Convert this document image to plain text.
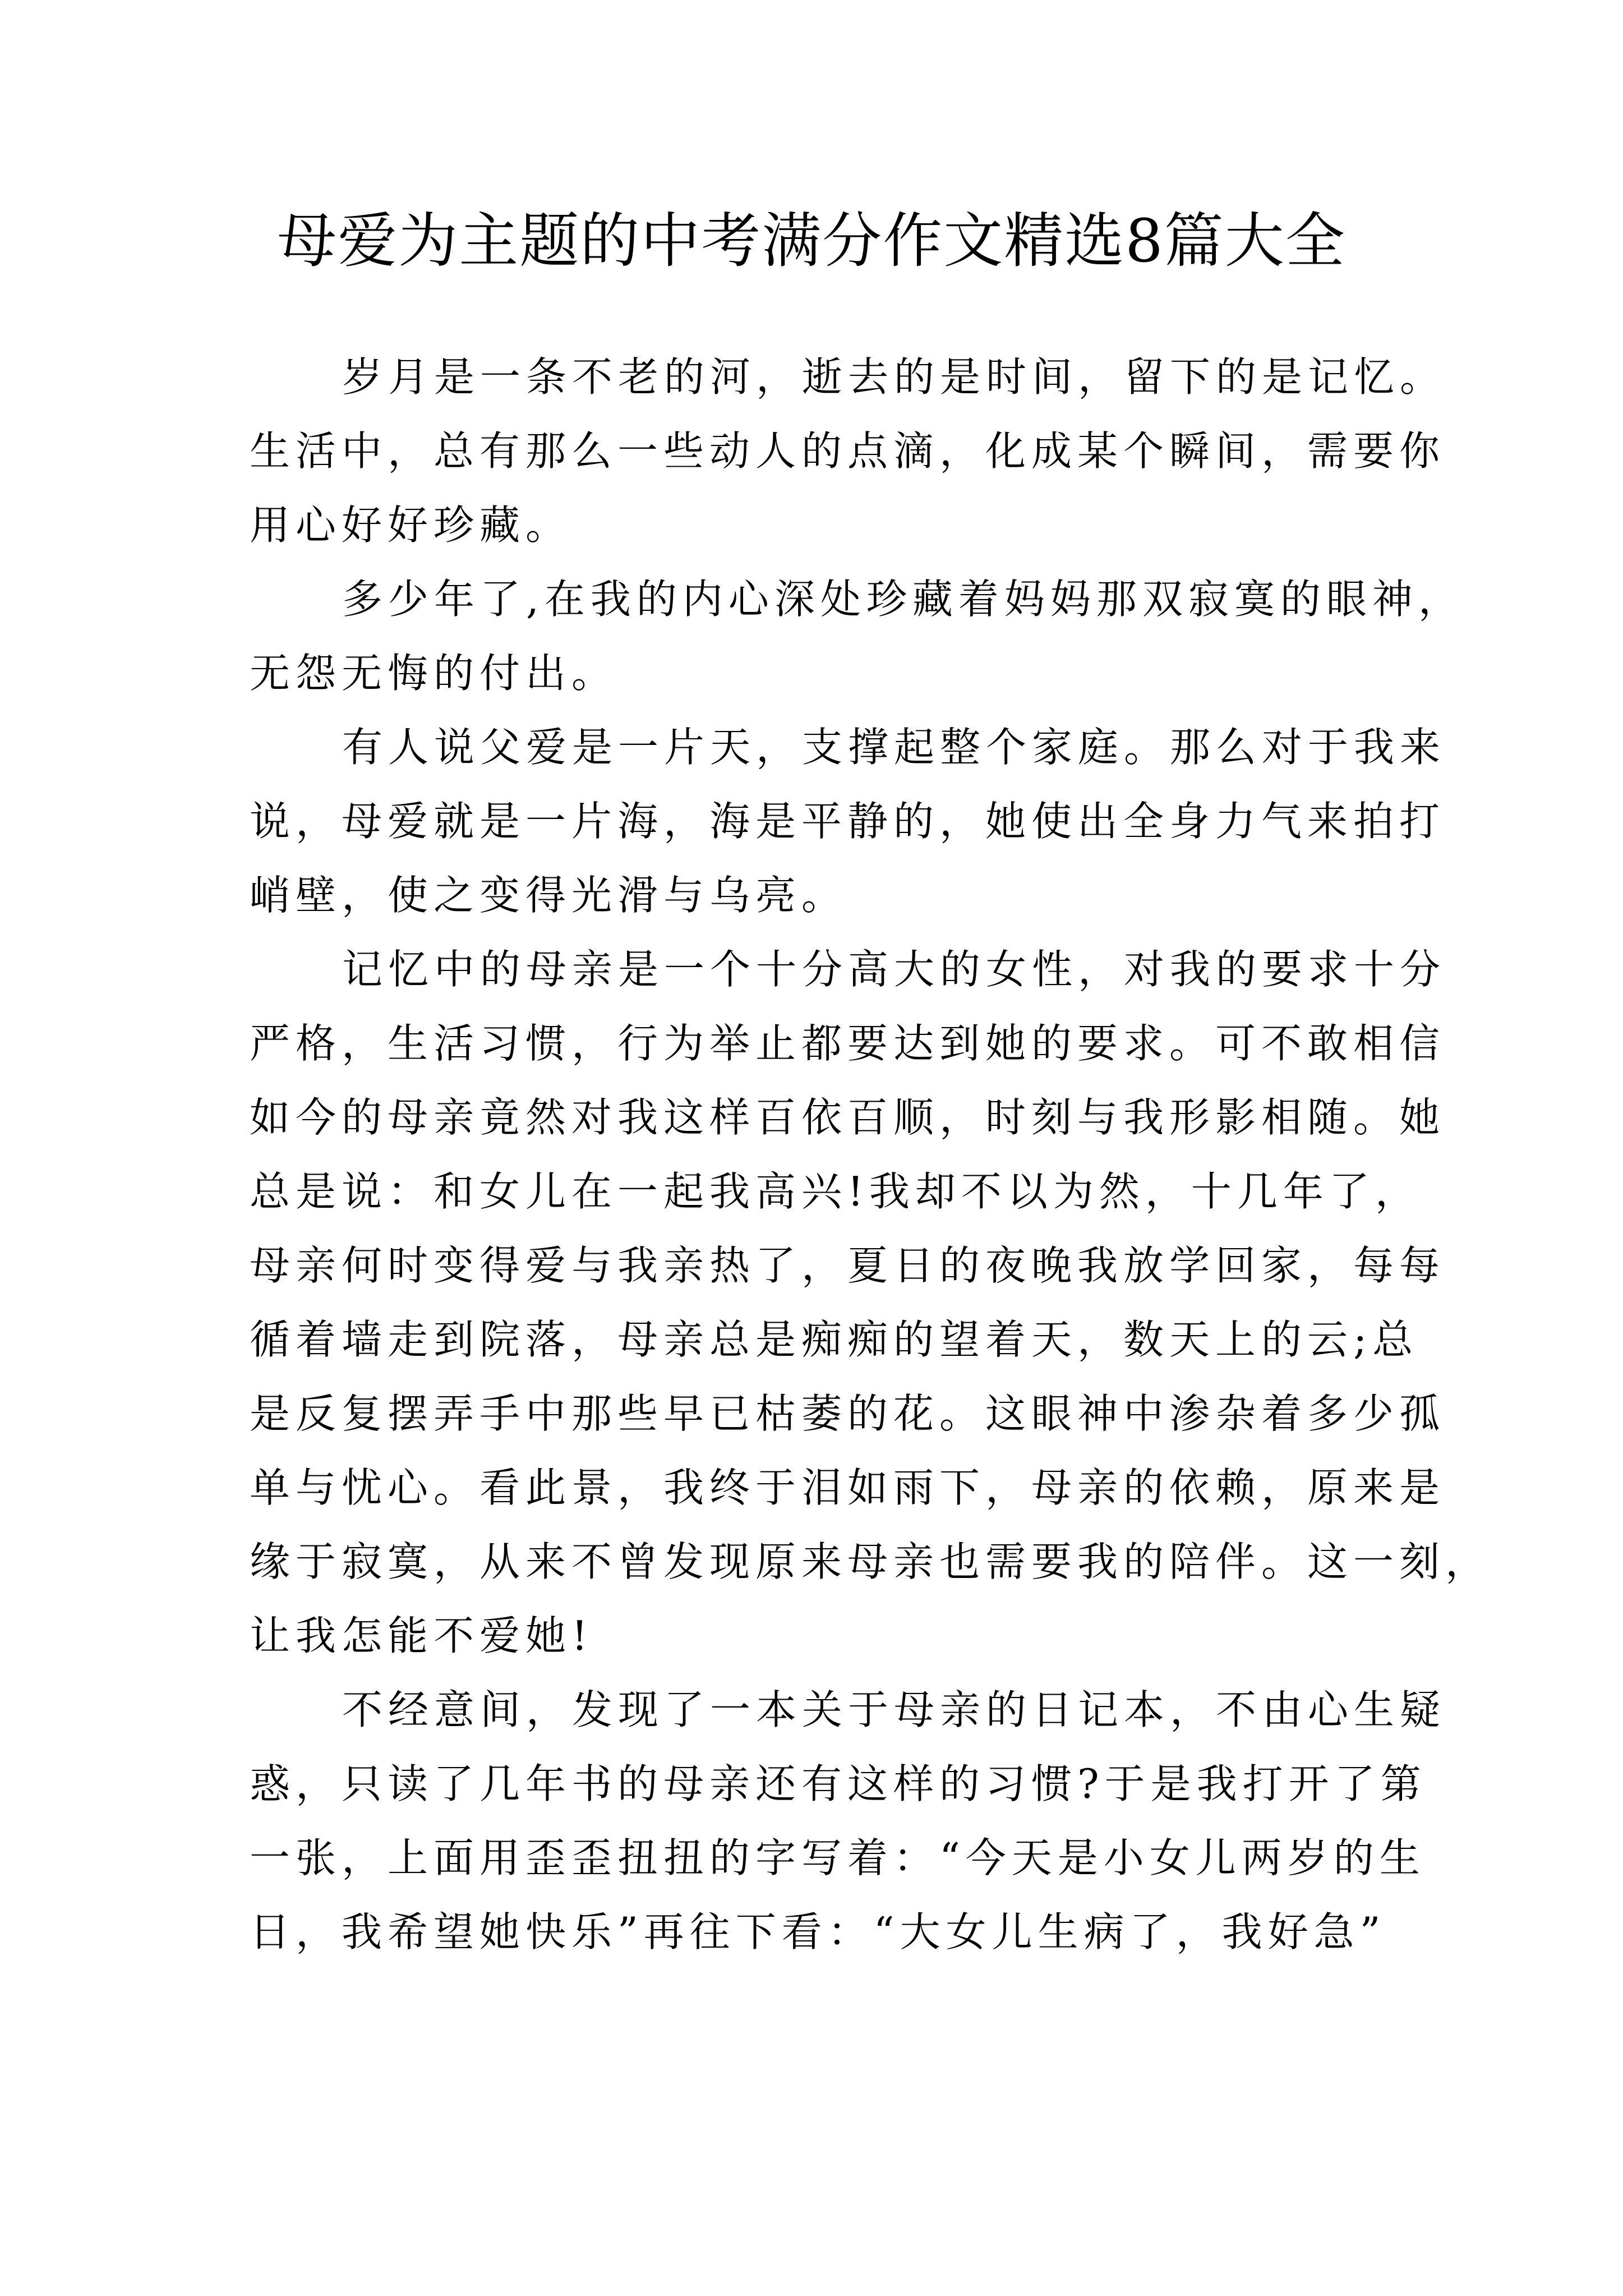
母爱为主题的中考满分作文精选8篇大全

岁月是一条不老的河，逝去的是时间，留下的是记忆。

生活中，总有那么一些动人的点滴，化成某个瞬间，需要你

用心好好珍藏。

多少年了,在我的内心深处珍藏着妈妈那双寂寞的眼神，

无怨无悔的付出。

有人说父爱是一片天，支撑起整个家庭。那么对于我来

说，母爱就是一片海，海是平静的，她使出全身力气来拍打

峭壁，使之变得光滑与乌亮。

记忆中的母亲是一个十分高大的女性，对我的要求十分

严格，生活习惯，行为举止都要达到她的要求。可不敢相信

如今的母亲竟然对我这样百依百顺，时刻与我形影相随。她

总是说：和女儿在一起我高兴!我却不以为然，十几年了，

母亲何时变得爱与我亲热了，夏日的夜晚我放学回家，每每

循着墙走到院落，母亲总是痴痴的望着天，数天上的云;总

是反复摆弄手中那些早已枯萎的花。这眼神中渗杂着多少孤

单与忧心。看此景，我终于泪如雨下，母亲的依赖，原来是

缘于寂寞，从来不曾发现原来母亲也需要我的陪伴。这一刻，

让我怎能不爱她!

不经意间，发现了一本关于母亲的日记本，不由心生疑

惑，只读了几年书的母亲还有这样的习惯?于是我打开了第

一张，上面用歪歪扭扭的字写着：“今天是小女儿两岁的生

日，我希望她快乐”再往下看：“大女儿生病了，我好急”
